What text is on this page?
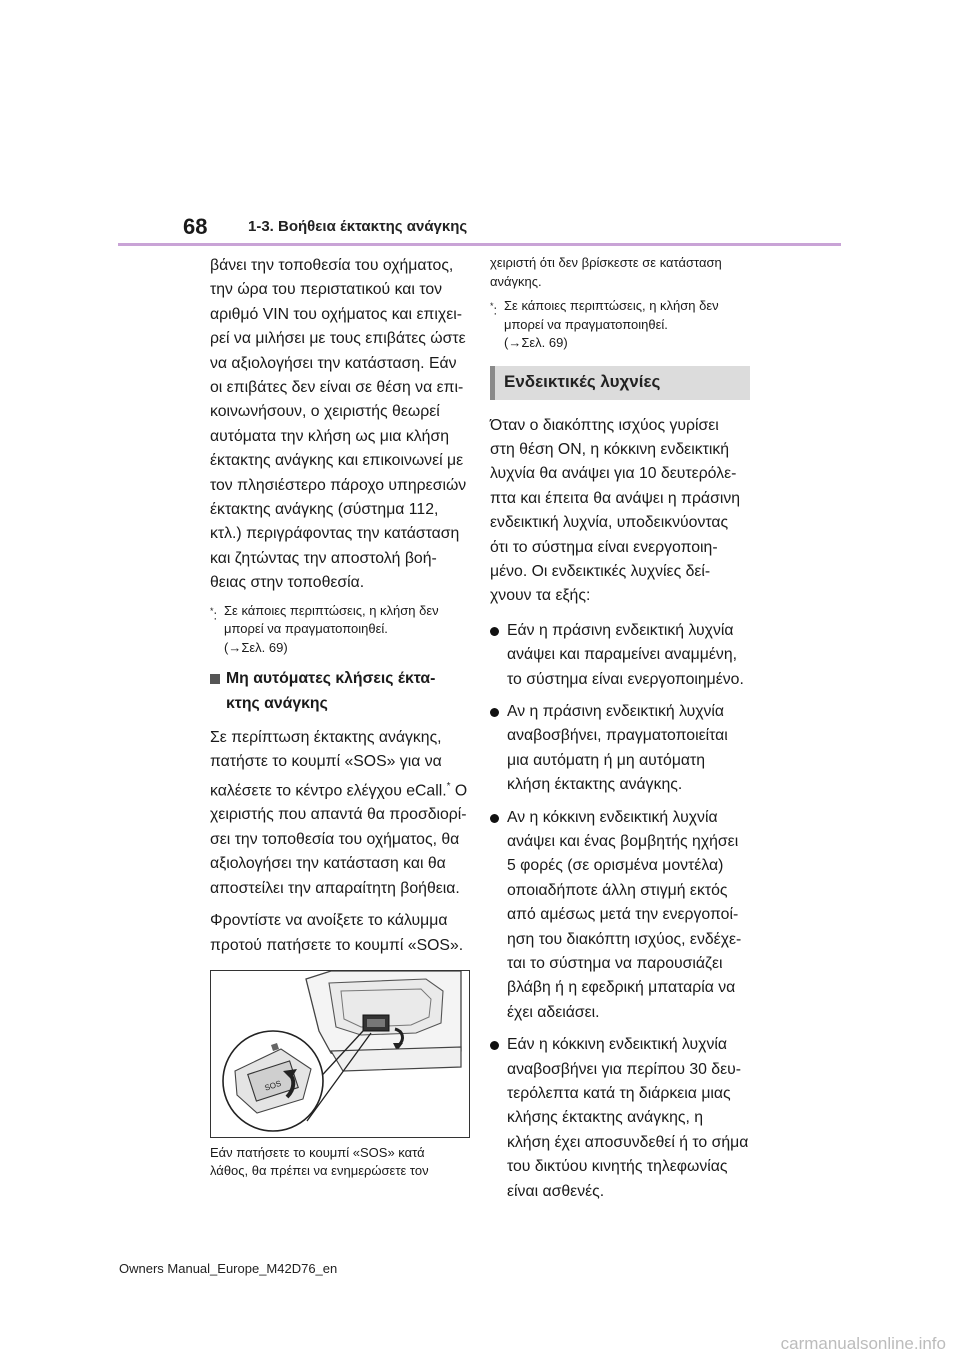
68	1-3. Βοήθεια έκτακτης ανάγκης

βάνει την τοποθεσία του οχήματος,
την ώρα του περιστατικού και τον
αριθμό VIN του οχήματος και επιχει-
ρεί να μιλήσει με τους επιβάτες ώστε
να αξιολογήσει την κατάσταση. Εάν
οι επιβάτες δεν είναι σε θέση να επι-
κοινωνήσουν, ο χειριστής θεωρεί
αυτόματα την κλήση ως μια κλήση
έκτακτης ανάγκης και επικοινωνεί με
τον πλησιέστερο πάροχο υπηρεσιών
έκτακτης ανάγκης (σύστημα 112,
κτλ.) περιγράφοντας την κατάσταση
και ζητώντας την αποστολή βοή-
θειας στην τοποθεσία.

*: Σε κάποιες περιπτώσεις, η κλήση δεν
μπορεί να πραγματοποιηθεί.
(→Σελ. 69)
Μη αυτόματες κλήσεις έκτα-
κτης ανάγκης

Σε περίπτωση έκτακτης ανάγκης,
πατήστε το κουμπί «SOS» για να
καλέσετε το κέντρο ελέγχου eCall.* Ο
χειριστής που απαντά θα προσδιορί-
σει την τοποθεσία του οχήματος, θα
αξιολογήσει την κατάσταση και θα
αποστείλει την απαραίτητη βοήθεια.

Φροντίστε να ανοίξετε το κάλυμμα
προτού πατήσετε το κουμπί «SOS».

SOS

Εάν πατήσετε το κουμπί «SOS» κατά
λάθος, θα πρέπει να ενημερώσετε τον

χειριστή ότι δεν βρίσκεστε σε κατάσταση
ανάγκης.

*: Σε κάποιες περιπτώσεις, η κλήση δεν
μπορεί να πραγματοποιηθεί.
(→Σελ. 69)
Ενδεικτικές λυχνίες

Όταν ο διακόπτης ισχύος γυρίσει
στη θέση ON, η κόκκινη ενδεικτική
λυχνία θα ανάψει για 10 δευτερόλε-
πτα και έπειτα θα ανάψει η πράσινη
ενδεικτική λυχνία, υποδεικνύοντας
ότι το σύστημα είναι ενεργοποιη-
μένο. Οι ενδεικτικές λυχνίες δεί-
χνουν τα εξής:

Εάν η πράσινη ενδεικτική λυχνία
ανάψει και παραμείνει αναμμένη,
το σύστημα είναι ενεργοποιημένο.
Αν η πράσινη ενδεικτική λυχνία
αναβοσβήνει, πραγματοποιείται
μια αυτόματη ή μη αυτόματη
κλήση έκτακτης ανάγκης.
Αν η κόκκινη ενδεικτική λυχνία
ανάψει και ένας βομβητής ηχήσει
5 φορές (σε ορισμένα μοντέλα)
οποιαδήποτε άλλη στιγμή εκτός
από αμέσως μετά την ενεργοποί-
ηση του διακόπτη ισχύος, ενδέχε-
ται το σύστημα να παρουσιάζει
βλάβη ή η εφεδρική μπαταρία να
έχει αδειάσει.
Εάν η κόκκινη ενδεικτική λυχνία
αναβοσβήνει για περίπου 30 δευ-
τερόλεπτα κατά τη διάρκεια μιας
κλήσης έκτακτης ανάγκης, η
κλήση έχει αποσυνδεθεί ή το σήμα
του δικτύου κινητής τηλεφωνίας
είναι ασθενές.
Owners Manual_Europe_M42D76_en
carmanualsonline.info
